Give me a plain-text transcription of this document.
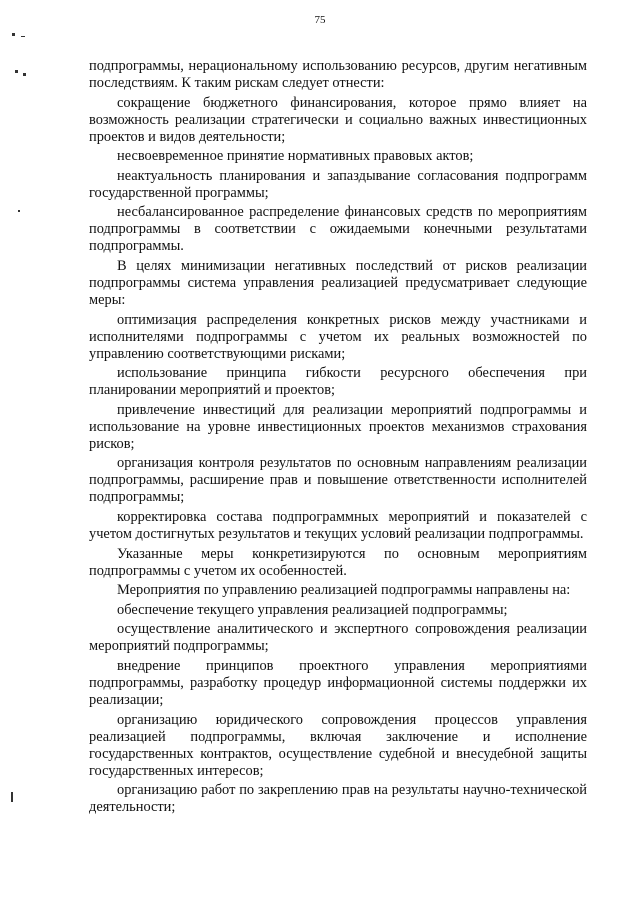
75

подпрограммы, нерациональному использованию ресурсов, другим негативным последствиям. К таким рискам следует отнести:

сокращение бюджетного финансирования, которое прямо влияет на возможность реализации стратегически и социально важных инвестиционных проектов и видов деятельности;

несвоевременное принятие нормативных правовых актов;

неактуальность планирования и запаздывание согласования подпрограмм государственной программы;

несбалансированное распределение финансовых средств по мероприятиям подпрограммы в соответствии с ожидаемыми конечными результатами подпрограммы.

В целях минимизации негативных последствий от рисков реализации подпрограммы система управления реализацией предусматривает следующие меры:

оптимизация распределения конкретных рисков между участниками и исполнителями подпрограммы с учетом их реальных возможностей по управлению соответствующими рисками;

использование принципа гибкости ресурсного обеспечения при планировании мероприятий и проектов;

привлечение инвестиций для реализации мероприятий подпрограммы и использование на уровне инвестиционных проектов механизмов страхования рисков;

организация контроля результатов по основным направлениям реализации подпрограммы, расширение прав и повышение ответственности исполнителей подпрограммы;

корректировка состава подпрограммных мероприятий и показателей с учетом достигнутых результатов и текущих условий реализации подпрограммы.

Указанные меры конкретизируются по основным мероприятиям подпрограммы с учетом их особенностей.

Мероприятия по управлению реализацией подпрограммы направлены на:

обеспечение текущего управления реализацией подпрограммы;

осуществление аналитического и экспертного сопровождения реализации мероприятий подпрограммы;

внедрение принципов проектного управления мероприятиями подпрограммы, разработку процедур информационной системы поддержки их реализации;

организацию юридического сопровождения процессов управления реализацией подпрограммы, включая заключение и исполнение государственных контрактов, осуществление судебной и внесудебной защиты государственных интересов;

организацию работ по закреплению прав на результаты научно-технической деятельности;
